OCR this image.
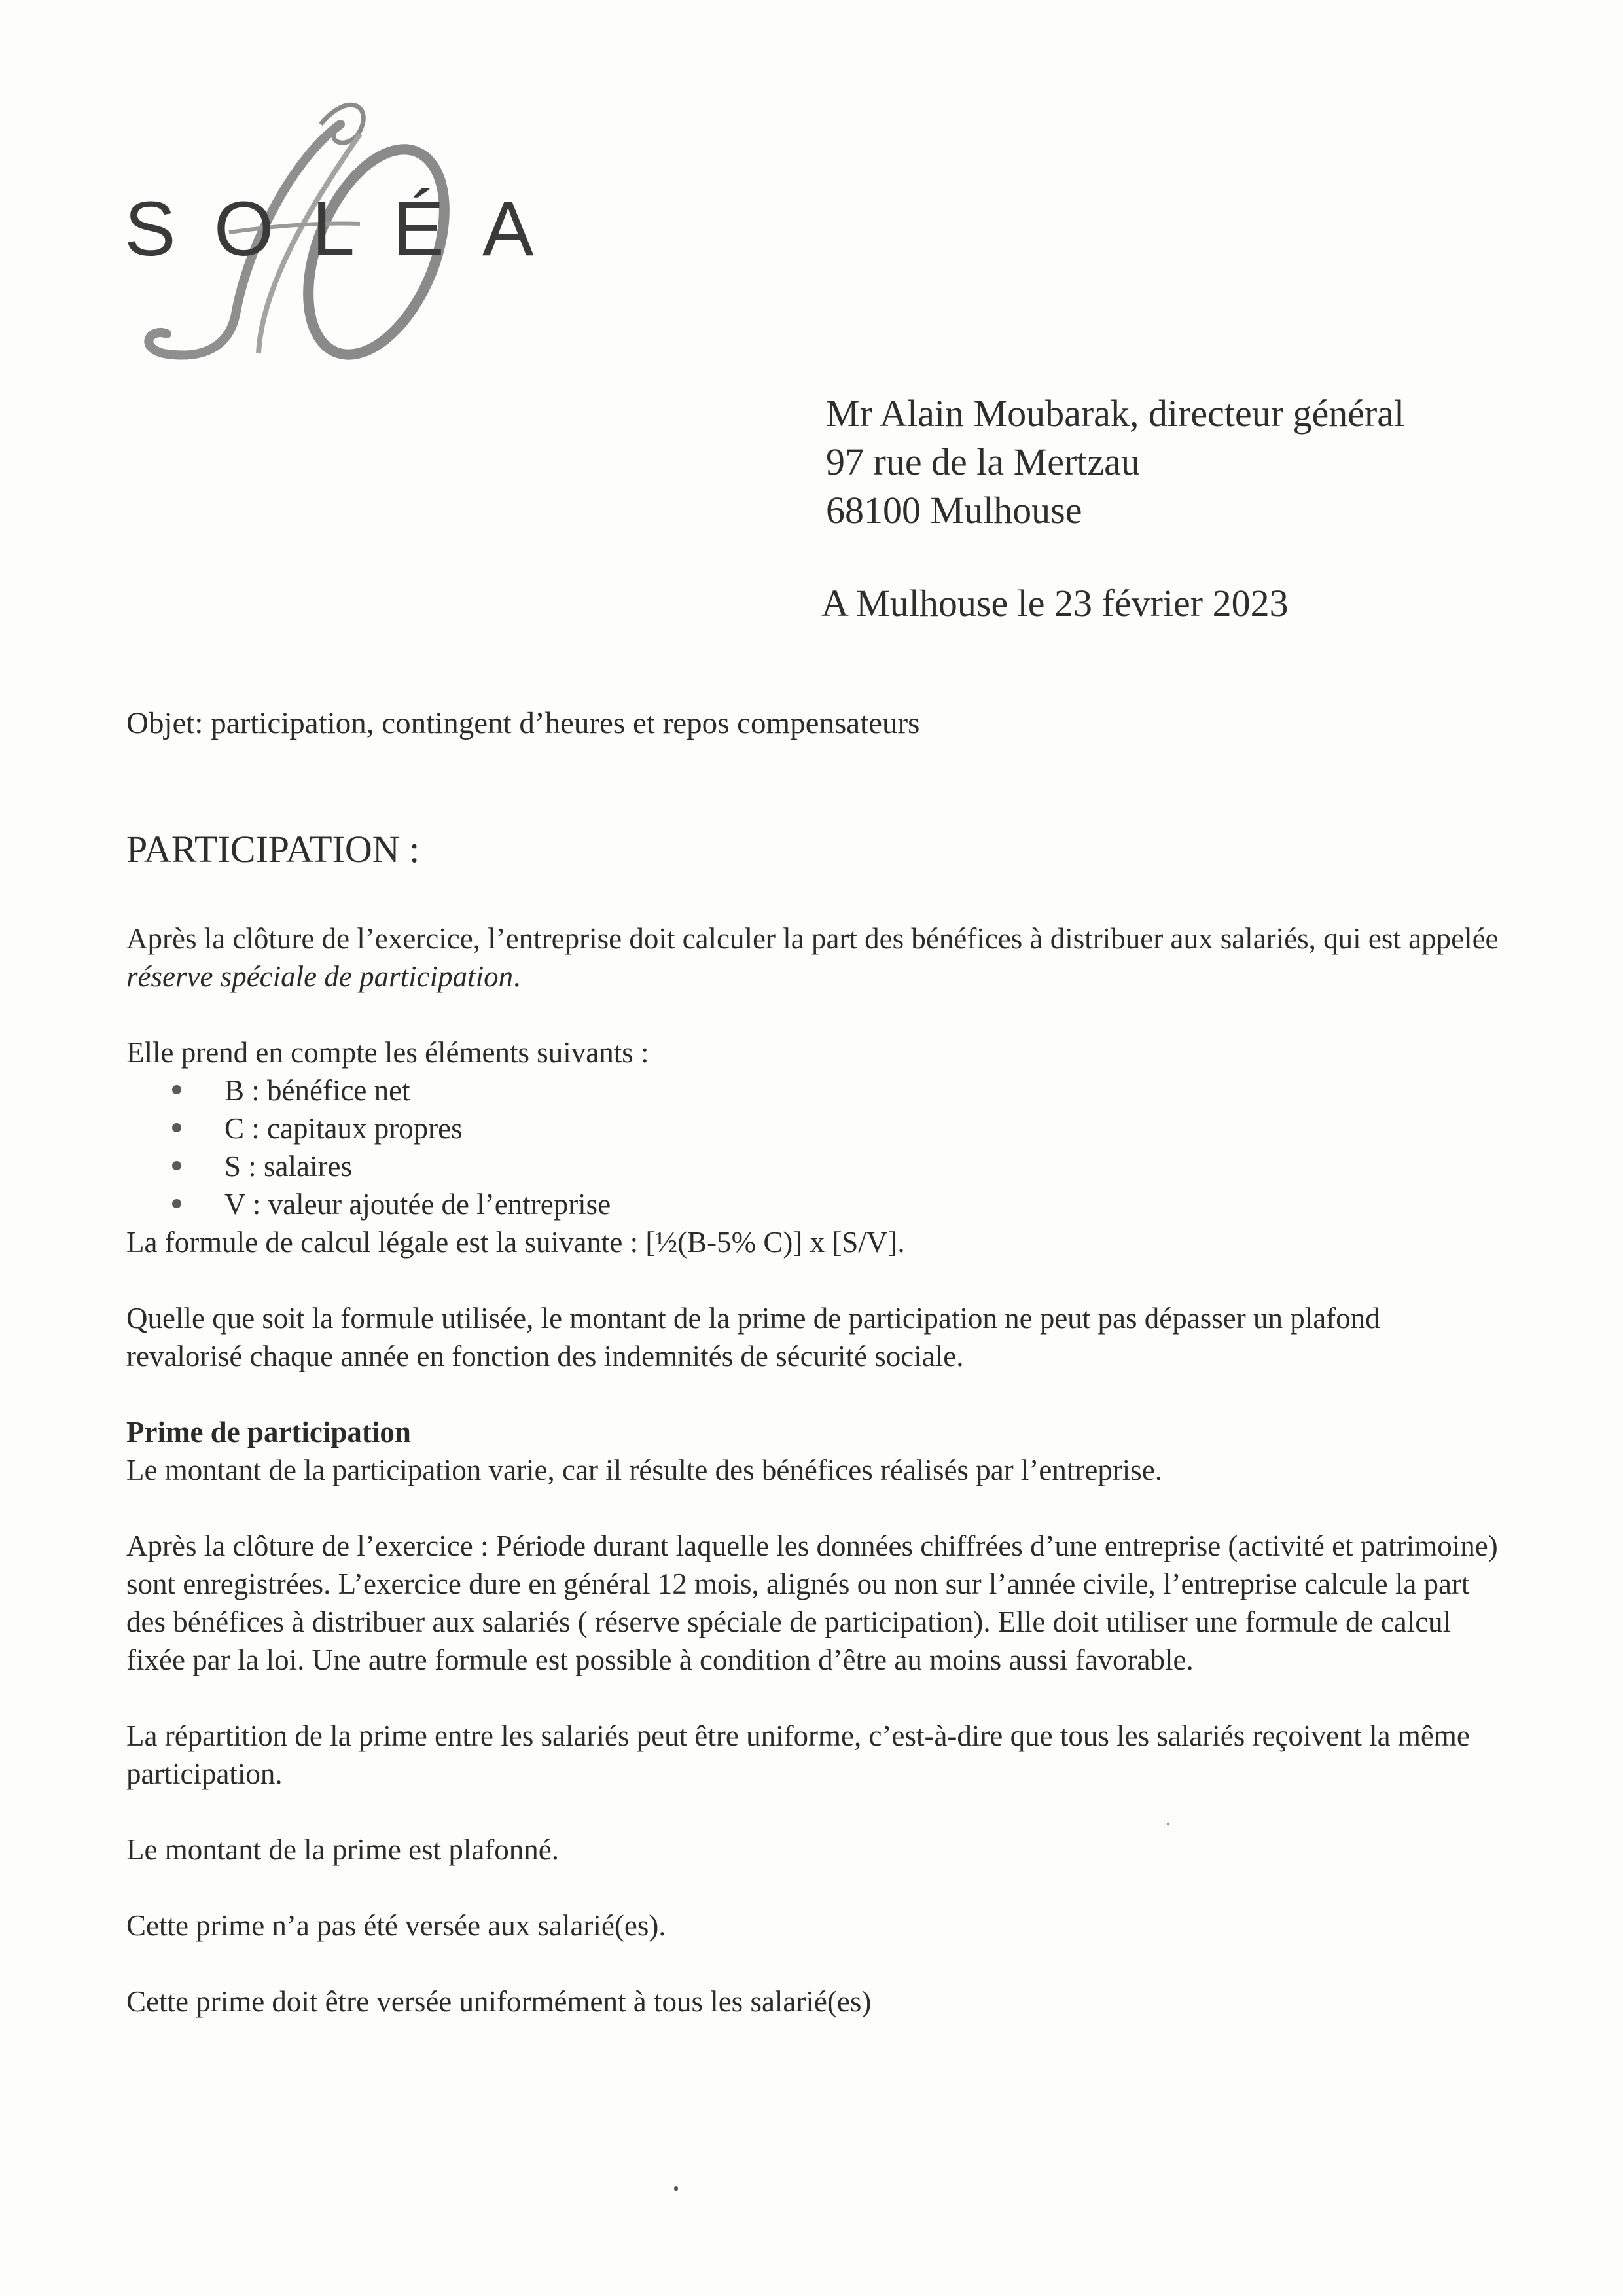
SOLÉA
Mr Alain Moubarak, directeur général
97 rue de la Mertzau
68100 Mulhouse
A Mulhouse le 23 février 2023
Objet: participation, contingent d’heures et repos compensateurs
PARTICIPATION :

Après la clôture de l’exercice, l’entreprise doit calculer la part des bénéfices à distribuer aux salariés, qui est appelée réserve spéciale de participation.

Elle prend en compte les éléments suivants :

B : bénéfice net
C : capitaux propres
S : salaires
V : valeur ajoutée de l’entreprise

La formule de calcul légale est la suivante : [½(B-5% C)] x [S/V].

Quelle que soit la formule utilisée, le montant de la prime de participation ne peut pas dépasser un plafond revalorisé chaque année en fonction des indemnités de sécurité sociale.

Prime de participation

Le montant de la participation varie, car il résulte des bénéfices réalisés par l’entreprise.

Après la clôture de l’exercice : Période durant laquelle les données chiffrées d’une entreprise (activité et patrimoine) sont enregistrées. L’exercice dure en général 12 mois, alignés ou non sur l’année civile, l’entreprise calcule la part des bénéfices à distribuer aux salariés ( réserve spéciale de participation). Elle doit utiliser une formule de calcul fixée par la loi. Une autre formule est possible à condition d’être au moins aussi favorable.

La répartition de la prime entre les salariés peut être uniforme, c’est-à-dire que tous les salariés reçoivent la même participation.

Le montant de la prime est plafonné.

Cette prime n’a pas été versée aux salarié(es).

Cette prime doit être versée uniformément à tous les salarié(es)
